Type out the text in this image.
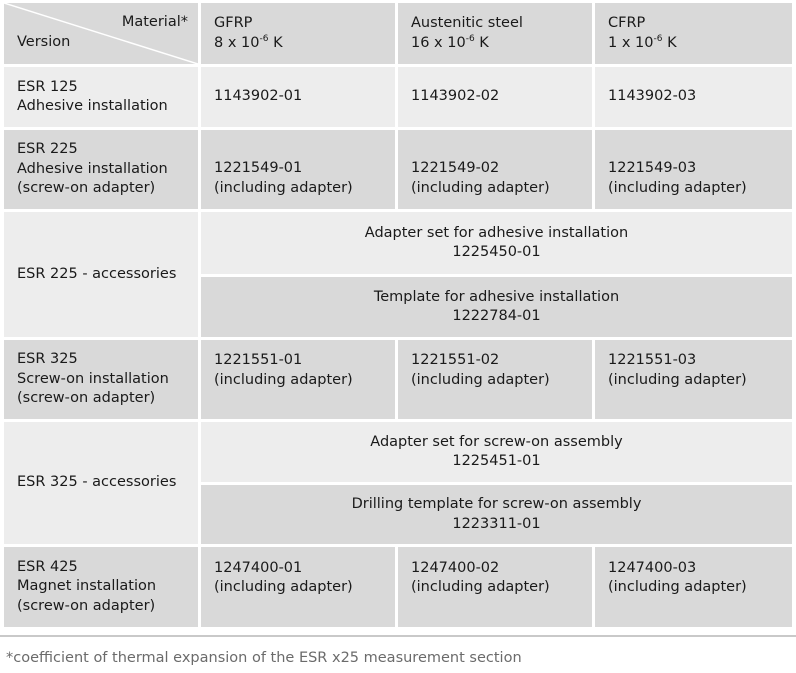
Material*
Version
GFRP
8 x $10^{-6}$ K
Austenitic steel
16 x $10^{-6}$ K
CFRP
1 x $10^{-6}$ K
ESR 125
Adhesive installation
1143902-01	1143902-02	1143902-03
ESR 225
Adhesive installation
(screw-on adapter)
1221549-01
(including adapter)
1221549-02
(including adapter)
1221549-03
(including adapter)
ESR 225 - accessories
Adapter set for adhesive installation
1225450-01
Template for adhesive installation
1222784-01
ESR 325
Screw-on installation
(screw-on adapter)
1221551-01
(including adapter)
1221551-02
(including adapter)
1221551-03
(including adapter)
ESR 325 - accessories
Adapter set for screw-on assembly
1225451-01
Drilling template for screw-on assembly
1223311-01
ESR 425
Magnet installation
(screw-on adapter)
1247400-01
(including adapter)
1247400-02
(including adapter)
1247400-03
(including adapter)
*coefficient of thermal expansion of the ESR x25 measurement section
